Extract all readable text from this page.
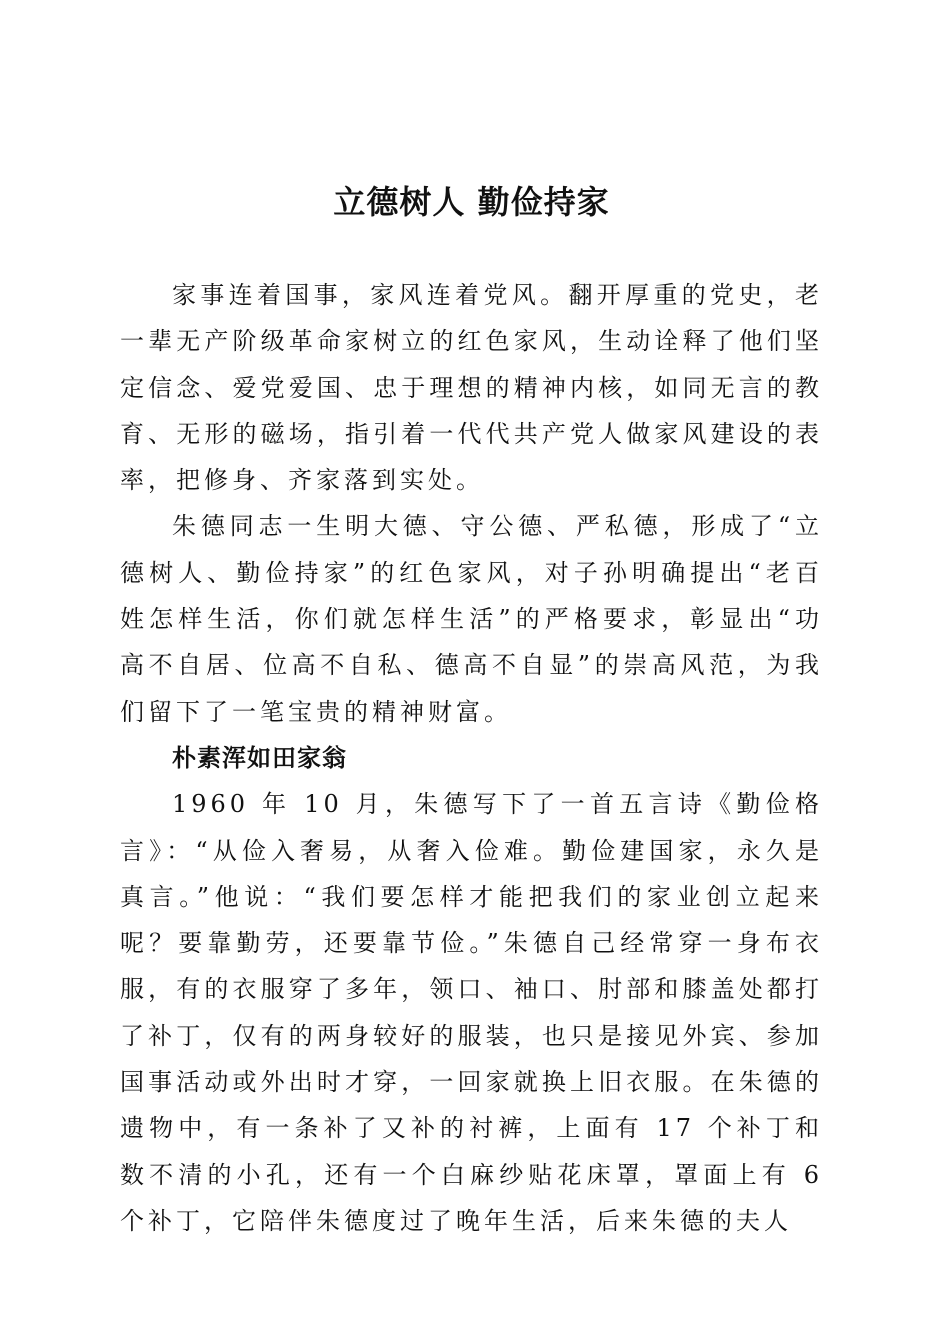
立德树人 勤俭持家

家事连着国事，家风连着党风。翻开厚重的党史，老一辈无产阶级革命家树立的红色家风，生动诠释了他们坚定信念、爱党爱国、忠于理想的精神内核，如同无言的教育、无形的磁场，指引着一代代共产党人做家风建设的表率，把修身、齐家落到实处。

朱德同志一生明大德、守公德、严私德，形成了“立德树人、勤俭持家”的红色家风，对子孙明确提出“老百姓怎样生活，你们就怎样生活”的严格要求，彰显出“功高不自居、位高不自私、德高不自显”的崇高风范，为我们留下了一笔宝贵的精神财富。

朴素浑如田家翁

1960 年 10 月，朱德写下了一首五言诗《勤俭格言》：“从俭入奢易，从奢入俭难。勤俭建国家，永久是真言。”他说：“我们要怎样才能把我们的家业创立起来呢？要靠勤劳，还要靠节俭。”朱德自己经常穿一身布衣服，有的衣服穿了多年，领口、袖口、肘部和膝盖处都打了补丁，仅有的两身较好的服装，也只是接见外宾、参加国事活动或外出时才穿，一回家就换上旧衣服。在朱德的遗物中，有一条补了又补的衬裤，上面有 17 个补丁和数不清的小孔，还有一个白麻纱贴花床罩，罩面上有 6 个补丁，它陪伴朱德度过了晚年生活，后来朱德的夫人
